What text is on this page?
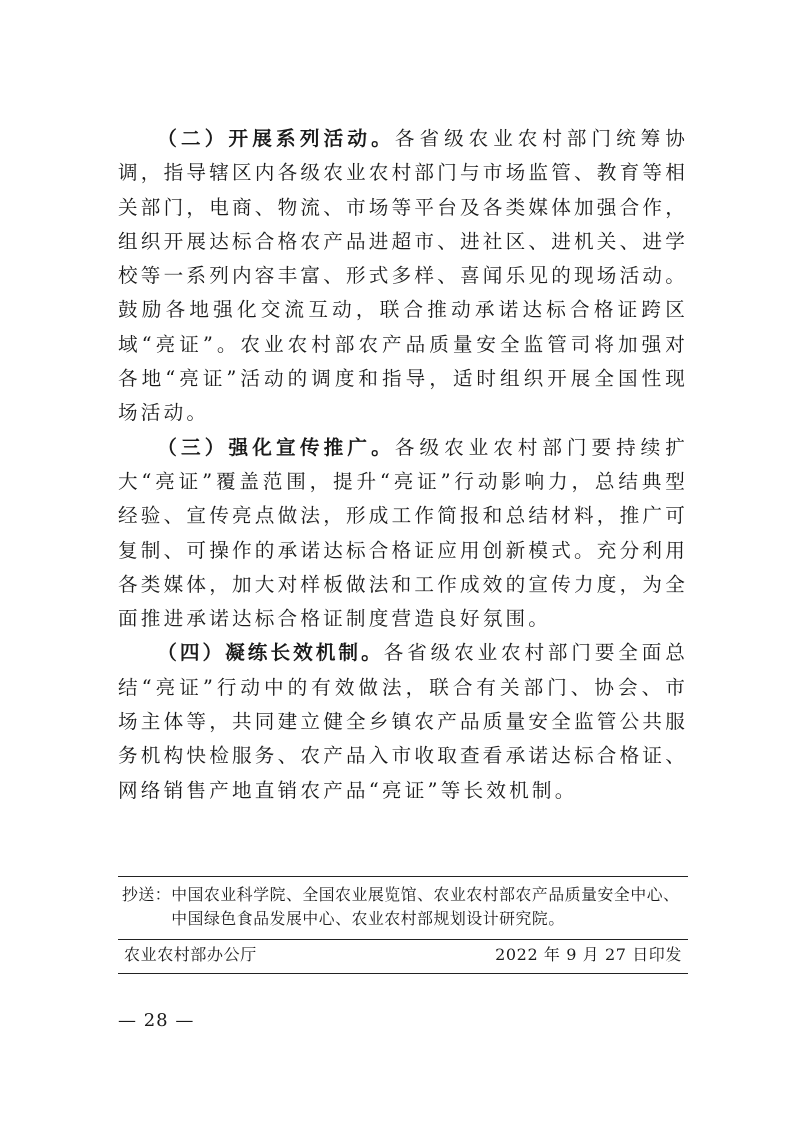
（二）开展系列活动。各省级农业农村部门统筹协调，指导辖区内各级农业农村部门与市场监管、教育等相关部门，电商、物流、市场等平台及各类媒体加强合作，组织开展达标合格农产品进超市、进社区、进机关、进学校等一系列内容丰富、形式多样、喜闻乐见的现场活动。鼓励各地强化交流互动，联合推动承诺达标合格证跨区域“亮证”。农业农村部农产品质量安全监管司将加强对各地“亮证”活动的调度和指导，适时组织开展全国性现场活动。

（三）强化宣传推广。各级农业农村部门要持续扩大“亮证”覆盖范围，提升“亮证”行动影响力，总结典型经验、宣传亮点做法，形成工作简报和总结材料，推广可复制、可操作的承诺达标合格证应用创新模式。充分利用各类媒体，加大对样板做法和工作成效的宣传力度，为全面推进承诺达标合格证制度营造良好氛围。

（四）凝练长效机制。各省级农业农村部门要全面总结“亮证”行动中的有效做法，联合有关部门、协会、市场主体等，共同建立健全乡镇农产品质量安全监管公共服务机构快检服务、农产品入市收取查看承诺达标合格证、网络销售产地直销农产品“亮证”等长效机制。

抄送： 中国农业科学院、全国农业展览馆、农业农村部农产品质量安全中心、中国绿色食品发展中心、农业农村部规划设计研究院。
农业农村部办公厅	2022 年 9 月 27 日印发
— 28 —
